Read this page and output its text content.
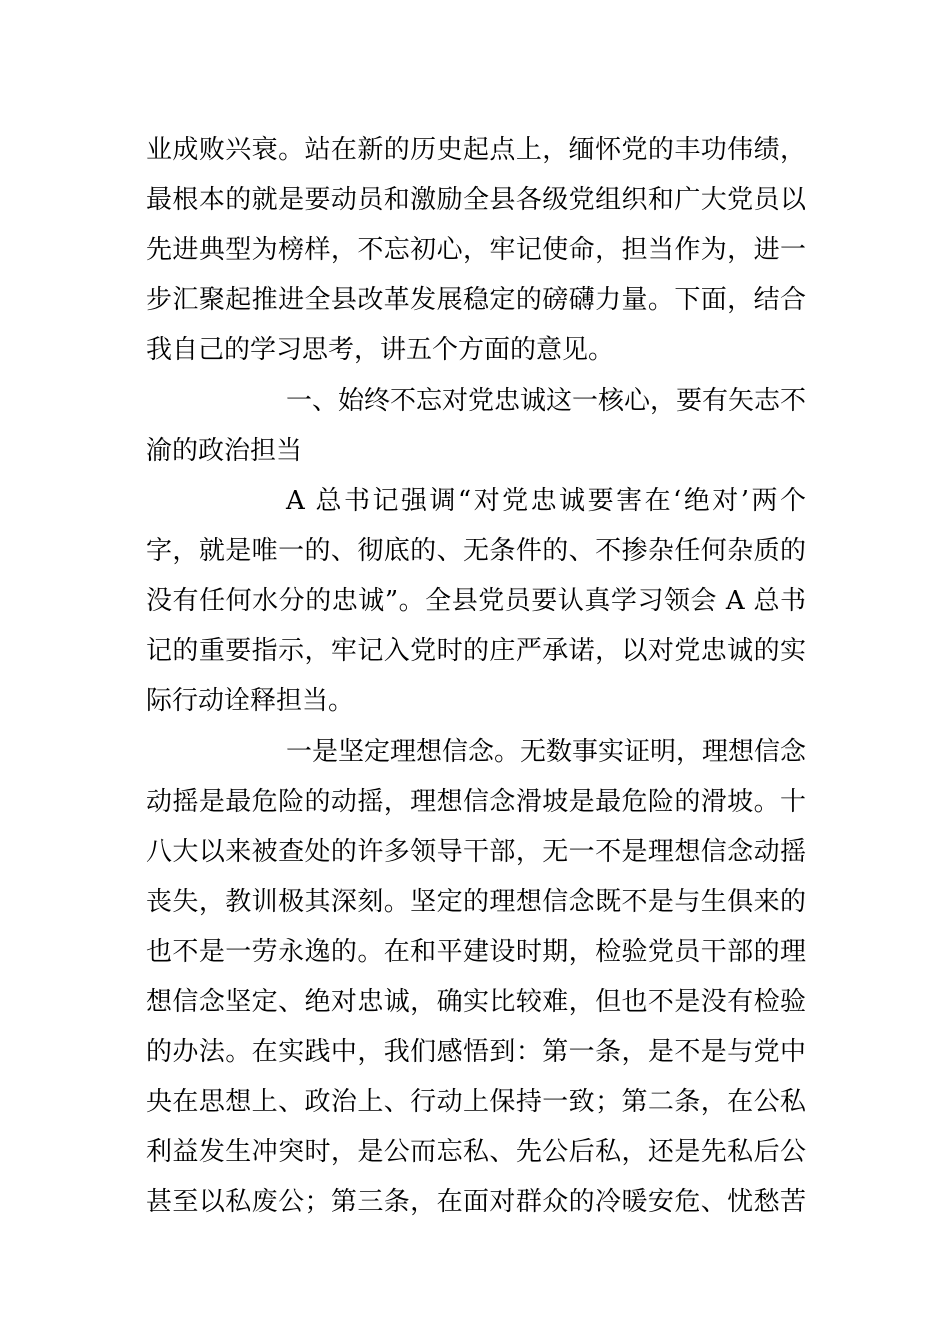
业成败兴衰。站在新的历史起点上，缅怀党的丰功伟绩，
最根本的就是要动员和激励全县各级党组织和广大党员以
先进典型为榜样，不忘初心，牢记使命，担当作为，进一
步汇聚起推进全县改革发展稳定的磅礴力量。下面，结合
我自己的学习思考，讲五个方面的意见。
一、始终不忘对党忠诚这一核心，要有矢志不
渝的政治担当
A 总书记强调“对党忠诚要害在‘绝对’两个
字，就是唯一的、彻底的、无条件的、不掺杂任何杂质的
没有任何水分的忠诚”。全县党员要认真学习领会 A 总书
记的重要指示，牢记入党时的庄严承诺，以对党忠诚的实
际行动诠释担当。
一是坚定理想信念。无数事实证明，理想信念
动摇是最危险的动摇，理想信念滑坡是最危险的滑坡。十
八大以来被查处的许多领导干部，无一不是理想信念动摇
丧失，教训极其深刻。坚定的理想信念既不是与生俱来的
也不是一劳永逸的。在和平建设时期，检验党员干部的理
想信念坚定、绝对忠诚，确实比较难，但也不是没有检验
的办法。在实践中，我们感悟到：第一条，是不是与党中
央在思想上、政治上、行动上保持一致；第二条，在公私
利益发生冲突时，是公而忘私、先公后私，还是先私后公
甚至以私废公；第三条，在面对群众的冷暖安危、忧愁苦
